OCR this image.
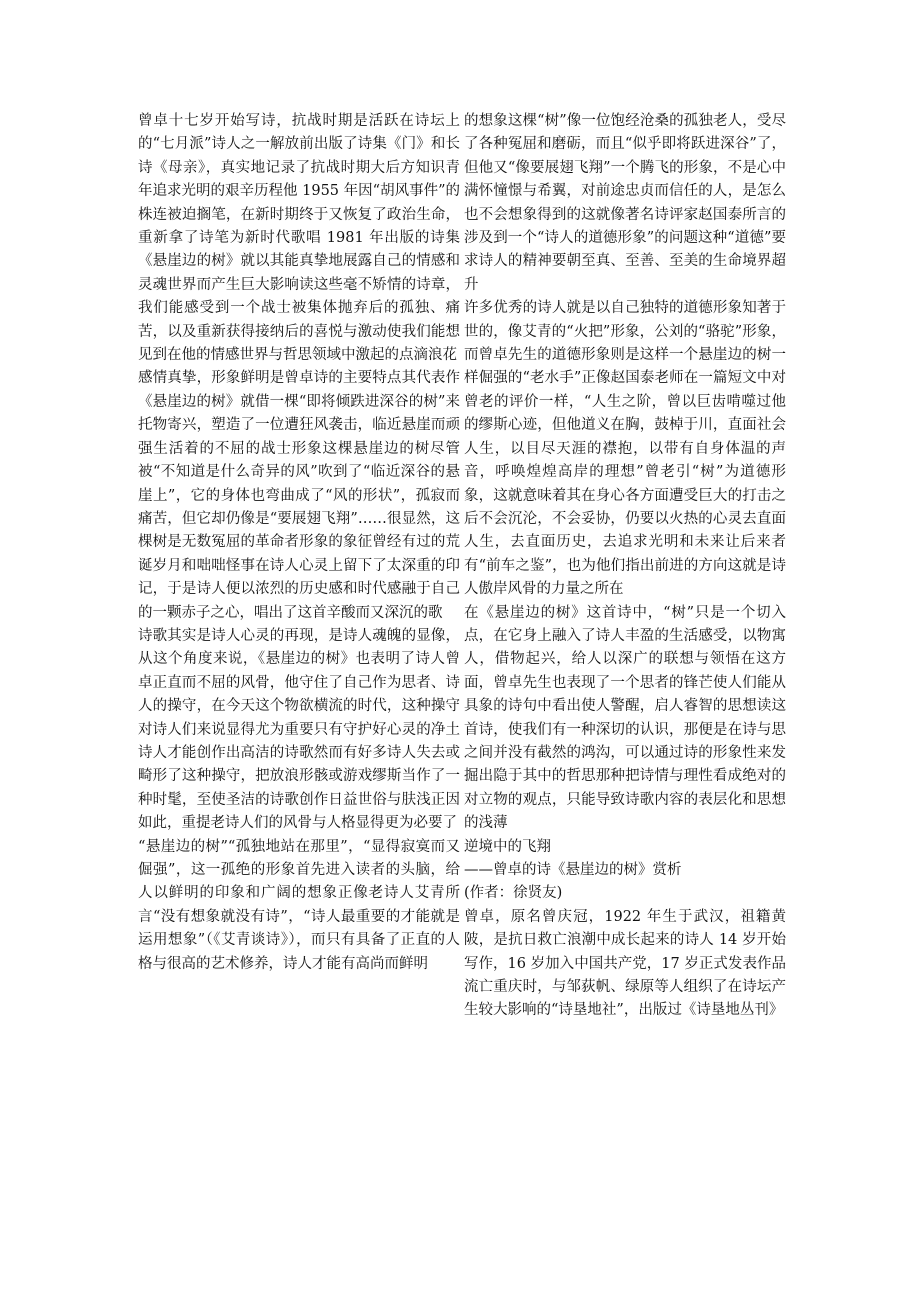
曾卓十七岁开始写诗，抗战时期是活跃在诗坛上的“七月派”诗人之一解放前出版了诗集《门》和长诗《母亲》，真实地记录了抗战时期大后方知识青年追求光明的艰辛历程他 1955 年因“胡风事件”的株连被迫搁笔，在新时期终于又恢复了政治生命，重新拿了诗笔为新时代歌唱 1981 年出版的诗集《悬崖边的树》就以其能真挚地展露自己的情感和灵魂世界而产生巨大影响读这些毫不矫情的诗章，我们能感受到一个战士被集体抛弃后的孤独、痛苦，以及重新获得接纳后的喜悦与激动使我们能想见到在他的情感世界与哲思领域中激起的点滴浪花

感情真挚，形象鲜明是曾卓诗的主要特点其代表作《悬崖边的树》就借一棵“即将倾跌进深谷的树”来托物寄兴，塑造了一位遭狂风袭击，临近悬崖而顽强生活着的不屈的战士形象这棵悬崖边的树尽管被“不知道是什么奇异的风”吹到了“临近深谷的悬崖上”，它的身体也弯曲成了“风的形状”，孤寂而痛苦，但它却仍像是“要展翅飞翔”……很显然，这棵树是无数冤屈的革命者形象的象征曾经有过的荒诞岁月和咄咄怪事在诗人心灵上留下了太深重的印记，于是诗人便以浓烈的历史感和时代感融于自己的一颗赤子之心，唱出了这首辛酸而又深沉的歌

诗歌其实是诗人心灵的再现，是诗人魂魄的显像，从这个角度来说，《悬崖边的树》也表明了诗人曾卓正直而不屈的风骨，他守住了自己作为思者、诗人的操守，在今天这个物欲横流的时代，这种操守对诗人们来说显得尤为重要只有守护好心灵的净土诗人才能创作出高洁的诗歌然而有好多诗人失去或畸形了这种操守，把放浪形骸或游戏缪斯当作了一种时髦，至使圣洁的诗歌创作日益世俗与肤浅正因如此，重提老诗人们的风骨与人格显得更为必要了

“悬崖边的树”“孤独地站在那里”，“显得寂寞而又倔强”，这一孤绝的形象首先进入读者的头脑，给人以鲜明的印象和广阔的想象正像老诗人艾青所言“没有想象就没有诗”，“诗人最重要的才能就是运用想象”（《艾青谈诗》），而只有具备了正直的人格与很高的艺术修养，诗人才能有高尚而鲜明

的想象这棵“树”像一位饱经沧桑的孤独老人，受尽了各种冤屈和磨砺，而且“似乎即将跃进深谷”了，但他又“像要展翅飞翔”一个腾飞的形象，不是心中满怀憧憬与希翼，对前途忠贞而信任的人，是怎么也不会想象得到的这就像著名诗评家赵国泰所言的涉及到一个“诗人的道德形象”的问题这种“道德”要求诗人的精神要朝至真、至善、至美的生命境界超升

许多优秀的诗人就是以自己独特的道德形象知著于世的，像艾青的“火把”形象，公刘的“骆驼”形象，而曾卓先生的道德形象则是这样一个悬崖边的树一样倔强的“老水手”正像赵国泰老师在一篇短文中对曾老的评价一样，“人生之阶，曾以巨齿啃噬过他的缪斯心迹，但他道义在胸，鼓棹于川，直面社会人生，以目尽天涯的襟抱，以带有自身体温的声音，呼唤煌煌高岸的理想”曾老引“树”为道德形象，这就意味着其在身心各方面遭受巨大的打击之后不会沉沦，不会妥协，仍要以火热的心灵去直面人生，去直面历史，去追求光明和未来让后来者有“前车之鉴”，也为他们指出前进的方向这就是诗人傲岸风骨的力量之所在

在《悬崖边的树》这首诗中，“树”只是一个切入点，在它身上融入了诗人丰盈的生活感受，以物寓人，借物起兴，给人以深广的联想与领悟在这方面，曾卓先生也表现了一个思者的锋芒使人们能从具象的诗句中看出使人警醒，启人睿智的思想读这首诗，使我们有一种深切的认识，那便是在诗与思之间并没有截然的鸿沟，可以通过诗的形象性来发掘出隐于其中的哲思那种把诗情与理性看成绝对的对立物的观点，只能导致诗歌内容的表层化和思想的浅薄

逆境中的飞翔

——曾卓的诗《悬崖边的树》赏析

(作者：徐贤友)

曾卓，原名曾庆冠，1922 年生于武汉，祖籍黄陂，是抗日救亡浪潮中成长起来的诗人 14 岁开始写作，16 岁加入中国共产党，17 岁正式发表作品 流亡重庆时，与邹荻帆、绿原等人组织了在诗坛产生较大影响的“诗垦地社”，出版过《诗垦地丛刊》
